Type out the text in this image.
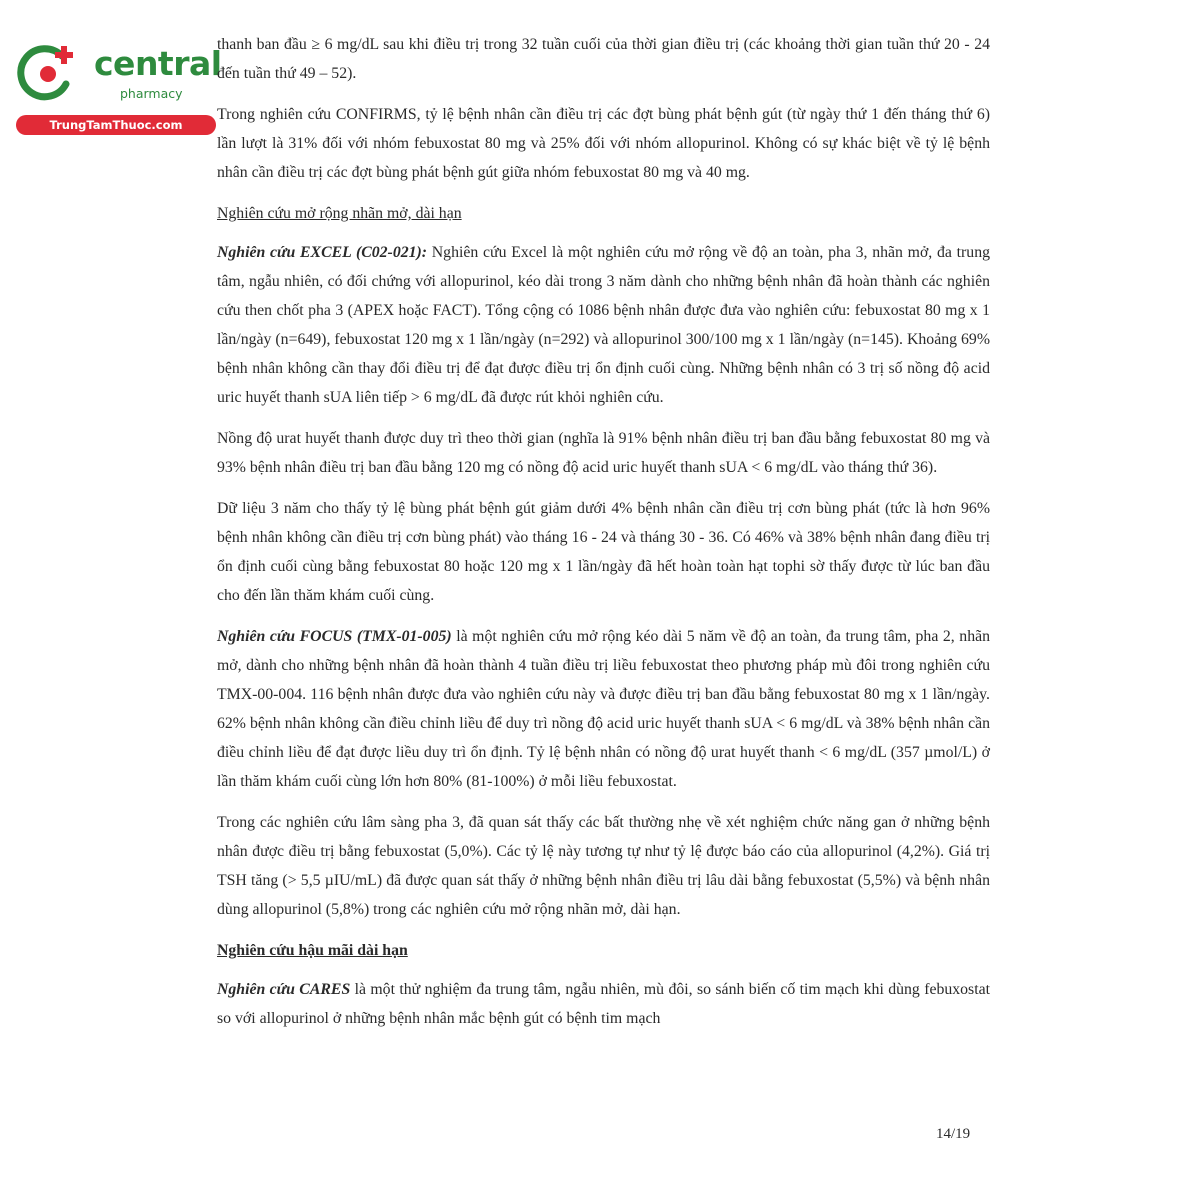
central
pharmacy
TrungTamThuoc.com

thanh ban đầu ≥ 6 mg/dL sau khi điều trị trong 32 tuần cuối của thời gian điều trị (các khoảng thời gian tuần thứ 20 - 24 đến tuần thứ 49 – 52).

Trong nghiên cứu CONFIRMS, tỷ lệ bệnh nhân cần điều trị các đợt bùng phát bệnh gút (từ ngày thứ 1 đến tháng thứ 6) lần lượt là 31% đối với nhóm febuxostat 80 mg và 25% đối với nhóm allopurinol. Không có sự khác biệt về tỷ lệ bệnh nhân cần điều trị các đợt bùng phát bệnh gút giữa nhóm febuxostat 80 mg và 40 mg.

Nghiên cứu mở rộng nhãn mở, dài hạn

Nghiên cứu EXCEL (C02-021): Nghiên cứu Excel là một nghiên cứu mở rộng về độ an toàn, pha 3, nhãn mở, đa trung tâm, ngẫu nhiên, có đối chứng với allopurinol, kéo dài trong 3 năm dành cho những bệnh nhân đã hoàn thành các nghiên cứu then chốt pha 3 (APEX hoặc FACT). Tổng cộng có 1086 bệnh nhân được đưa vào nghiên cứu: febuxostat 80 mg x 1 lần/ngày (n=649), febuxostat 120 mg x 1 lần/ngày (n=292) và allopurinol 300/100 mg x 1 lần/ngày (n=145). Khoảng 69% bệnh nhân không cần thay đổi điều trị để đạt được điều trị ổn định cuối cùng. Những bệnh nhân có 3 trị số nồng độ acid uric huyết thanh sUA liên tiếp > 6 mg/dL đã được rút khỏi nghiên cứu.

Nồng độ urat huyết thanh được duy trì theo thời gian (nghĩa là 91% bệnh nhân điều trị ban đầu bằng febuxostat 80 mg và 93% bệnh nhân điều trị ban đầu bằng 120 mg có nồng độ acid uric huyết thanh sUA < 6 mg/dL vào tháng thứ 36).

Dữ liệu 3 năm cho thấy tỷ lệ bùng phát bệnh gút giảm dưới 4% bệnh nhân cần điều trị cơn bùng phát (tức là hơn 96% bệnh nhân không cần điều trị cơn bùng phát) vào tháng 16 - 24 và tháng 30 - 36. Có 46% và 38% bệnh nhân đang điều trị ổn định cuối cùng bằng febuxostat 80 hoặc 120 mg x 1 lần/ngày đã hết hoàn toàn hạt tophi sờ thấy được từ lúc ban đầu cho đến lần thăm khám cuối cùng.

Nghiên cứu FOCUS (TMX-01-005) là một nghiên cứu mở rộng kéo dài 5 năm về độ an toàn, đa trung tâm, pha 2, nhãn mở, dành cho những bệnh nhân đã hoàn thành 4 tuần điều trị liều febuxostat theo phương pháp mù đôi trong nghiên cứu TMX-00-004. 116 bệnh nhân được đưa vào nghiên cứu này và được điều trị ban đầu bằng febuxostat 80 mg x 1 lần/ngày. 62% bệnh nhân không cần điều chỉnh liều để duy trì nồng độ acid uric huyết thanh sUA < 6 mg/dL và 38% bệnh nhân cần điều chỉnh liều để đạt được liều duy trì ổn định. Tỷ lệ bệnh nhân có nồng độ urat huyết thanh < 6 mg/dL (357 µmol/L) ở lần thăm khám cuối cùng lớn hơn 80% (81-100%) ở mỗi liều febuxostat.

Trong các nghiên cứu lâm sàng pha 3, đã quan sát thấy các bất thường nhẹ về xét nghiệm chức năng gan ở những bệnh nhân được điều trị bằng febuxostat (5,0%). Các tỷ lệ này tương tự như tỷ lệ được báo cáo của allopurinol (4,2%). Giá trị TSH tăng (> 5,5 µIU/mL) đã được quan sát thấy ở những bệnh nhân điều trị lâu dài bằng febuxostat (5,5%) và bệnh nhân dùng allopurinol (5,8%) trong các nghiên cứu mở rộng nhãn mở, dài hạn.

Nghiên cứu hậu mãi dài hạn

Nghiên cứu CARES là một thử nghiệm đa trung tâm, ngẫu nhiên, mù đôi, so sánh biến cố tim mạch khi dùng febuxostat so với allopurinol ở những bệnh nhân mắc bệnh gút có bệnh tim mạch

14/19
